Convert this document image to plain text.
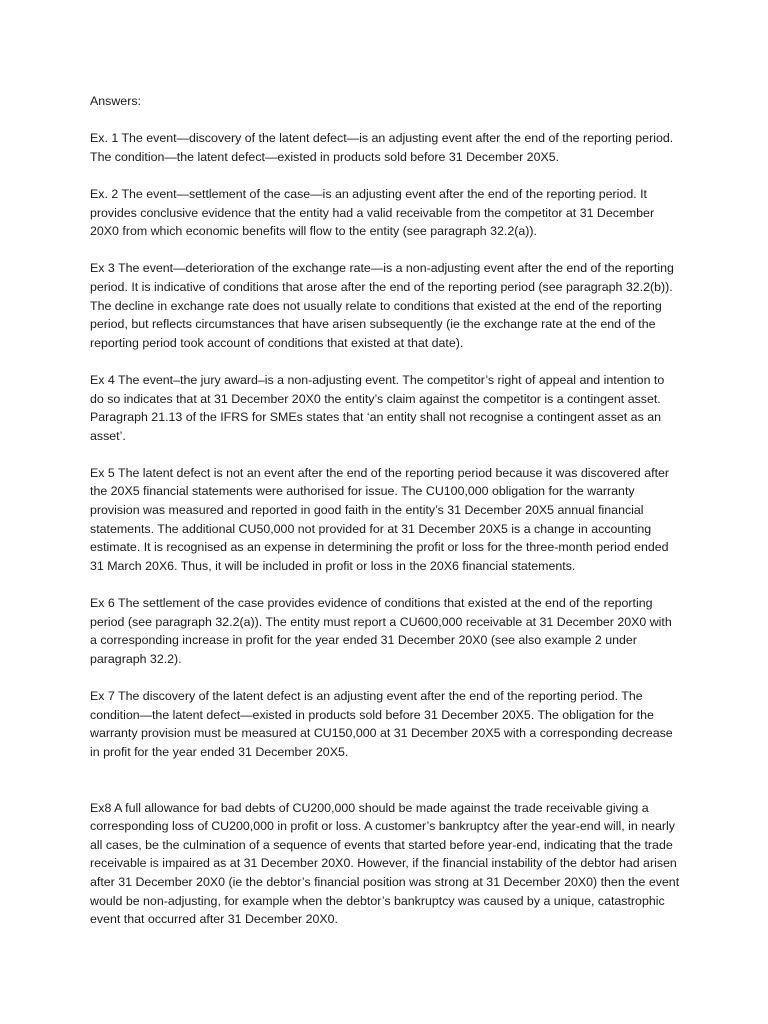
Answers:

Ex. 1 The event—discovery of the latent defect—is an adjusting event after the end of the reporting period. The condition—the latent defect—existed in products sold before 31 December 20X5.

Ex. 2 The event—settlement of the case—is an adjusting event after the end of the reporting period. It provides conclusive evidence that the entity had a valid receivable from the competitor at 31 December 20X0 from which economic benefits will flow to the entity (see paragraph 32.2(a)).

Ex 3 The event—deterioration of the exchange rate—is a non-adjusting event after the end of the reporting period. It is indicative of conditions that arose after the end of the reporting period (see paragraph 32.2(b)). The decline in exchange rate does not usually relate to conditions that existed at the end of the reporting period, but reflects circumstances that have arisen subsequently (ie the exchange rate at the end of the reporting period took account of conditions that existed at that date).

Ex 4 The event–the jury award–is a non-adjusting event. The competitor’s right of appeal and intention to do so indicates that at 31 December 20X0 the entity’s claim against the competitor is a contingent asset. Paragraph 21.13 of the IFRS for SMEs states that ‘an entity shall not recognise a contingent asset as an asset’.

Ex 5 The latent defect is not an event after the end of the reporting period because it was discovered after the 20X5 financial statements were authorised for issue. The CU100,000 obligation for the warranty provision was measured and reported in good faith in the entity’s 31 December 20X5 annual financial statements. The additional CU50,000 not provided for at 31 December 20X5 is a change in accounting estimate. It is recognised as an expense in determining the profit or loss for the three-month period ended 31 March 20X6. Thus, it will be included in profit or loss in the 20X6 financial statements.

Ex 6 The settlement of the case provides evidence of conditions that existed at the end of the reporting period (see paragraph 32.2(a)). The entity must report a CU600,000 receivable at 31 December 20X0 with a corresponding increase in profit for the year ended 31 December 20X0 (see also example 2 under paragraph 32.2).

Ex 7 The discovery of the latent defect is an adjusting event after the end of the reporting period. The condition—the latent defect—existed in products sold before 31 December 20X5. The obligation for the warranty provision must be measured at CU150,000 at 31 December 20X5 with a corresponding decrease in profit for the year ended 31 December 20X5.

Ex8 A full allowance for bad debts of CU200,000 should be made against the trade receivable giving a corresponding loss of CU200,000 in profit or loss. A customer’s bankruptcy after the year-end will, in nearly all cases, be the culmination of a sequence of events that started before year-end, indicating that the trade receivable is impaired as at 31 December 20X0. However, if the financial instability of the debtor had arisen after 31 December 20X0 (ie the debtor’s financial position was strong at 31 December 20X0) then the event would be non-adjusting, for example when the debtor’s bankruptcy was caused by a unique, catastrophic event that occurred after 31 December 20X0.
